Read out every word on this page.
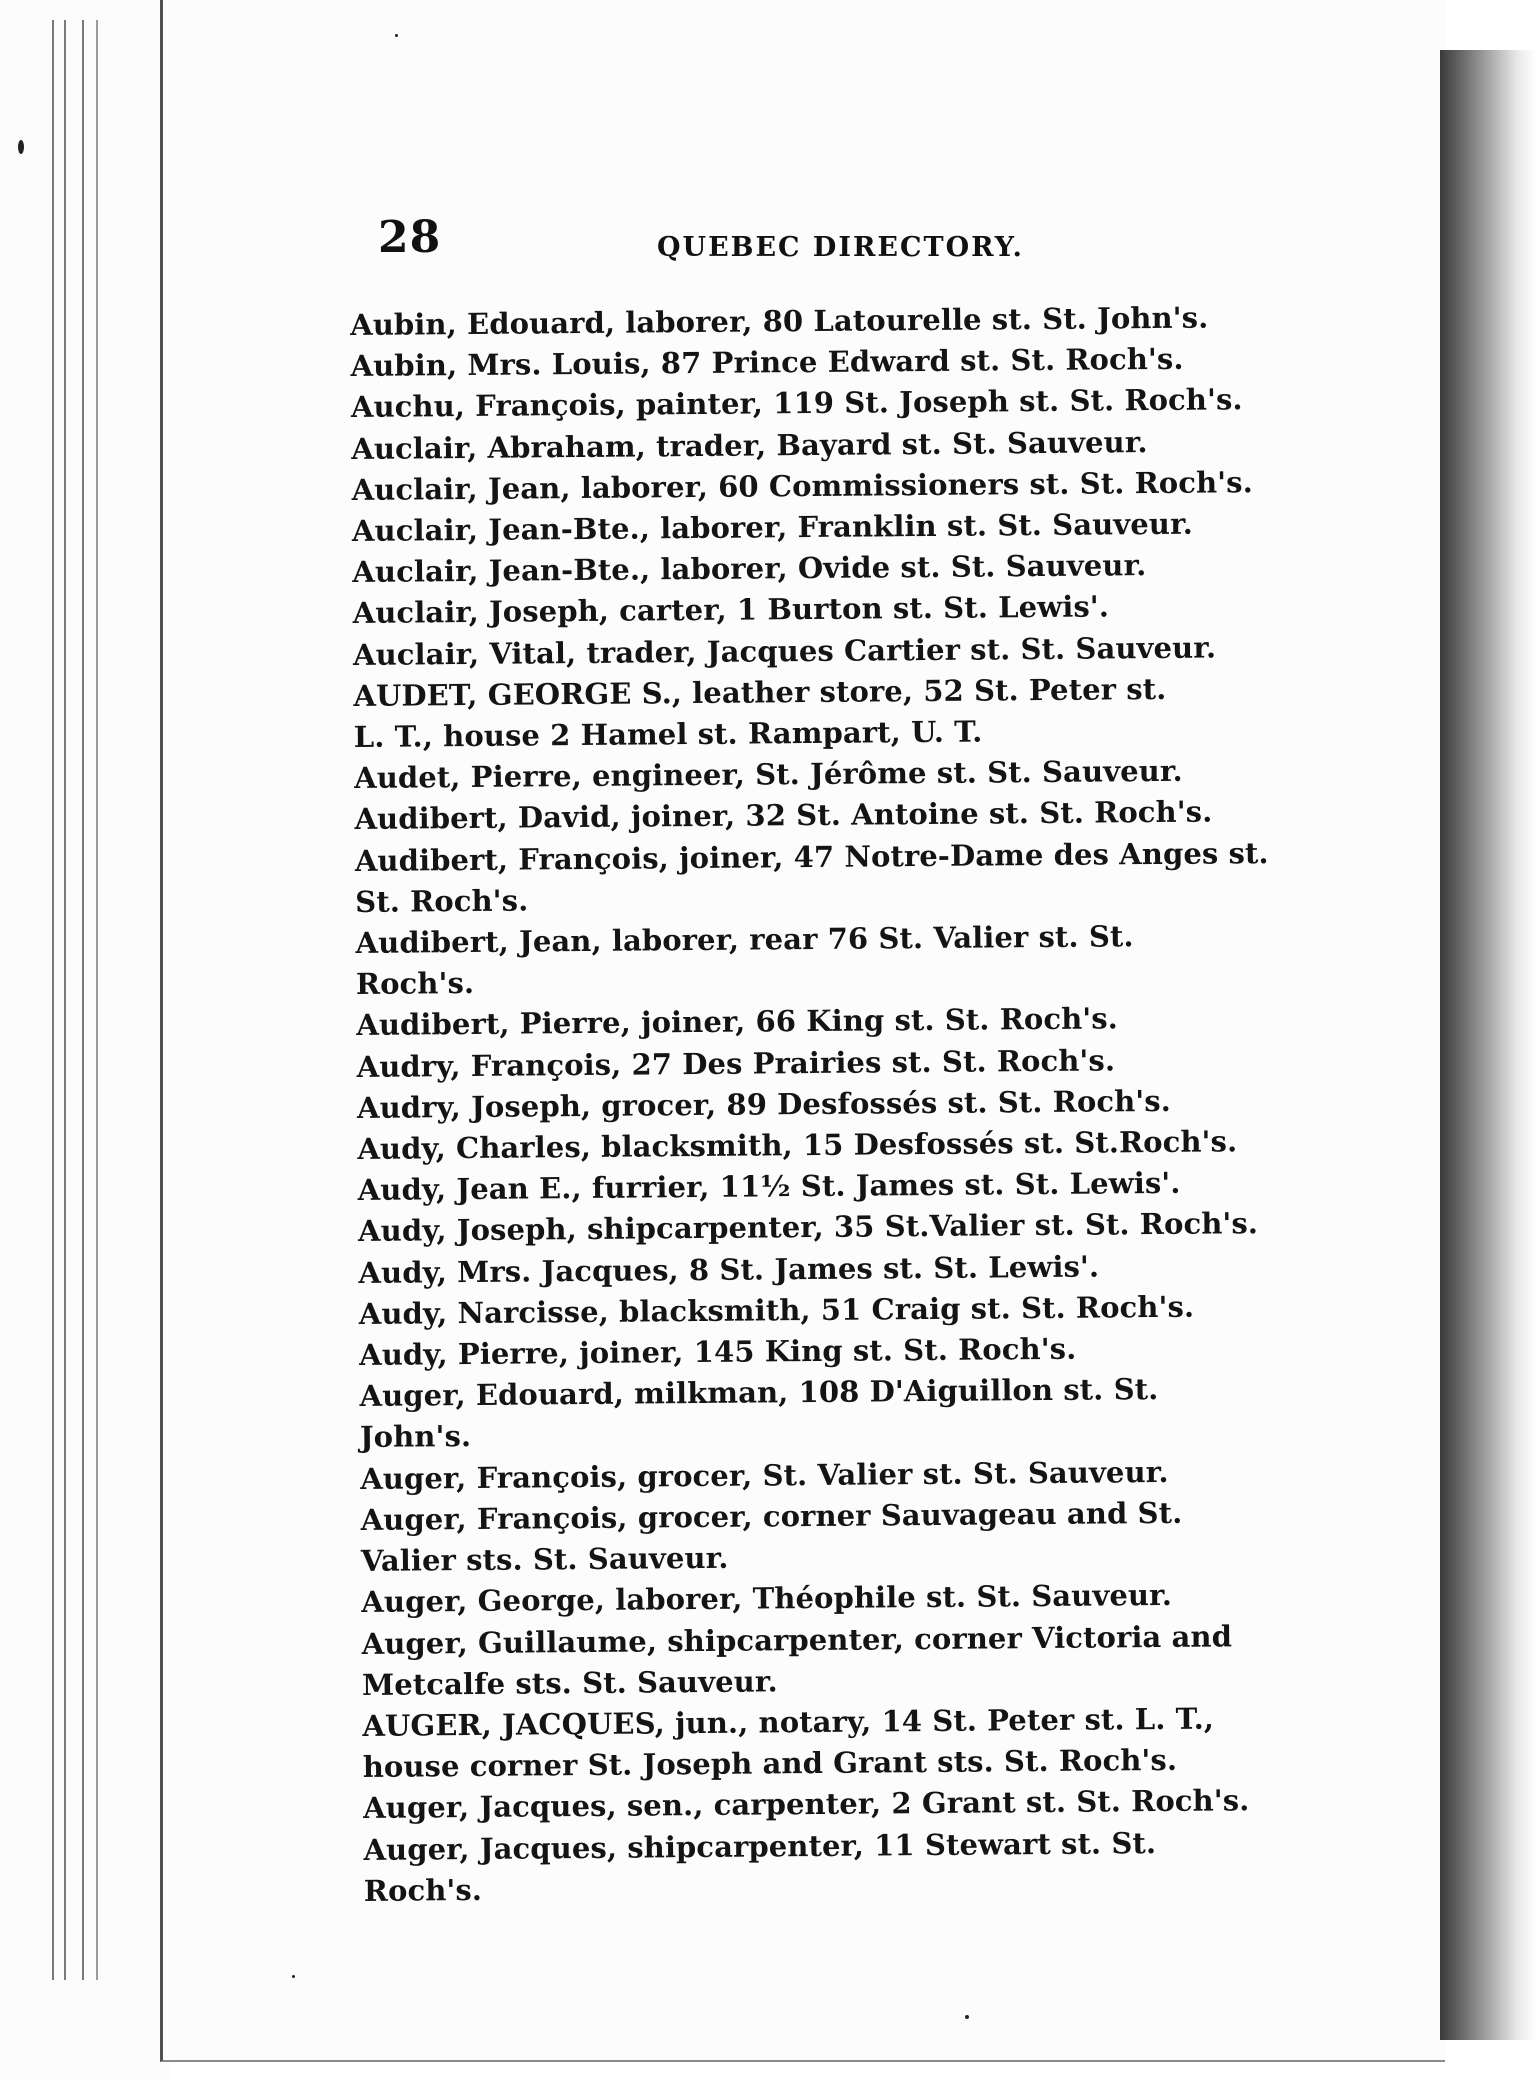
28	QUEBEC DIRECTORY.
Aubin, Edouard, laborer, 80 Latourelle st. St. John's.
Aubin, Mrs. Louis, 87 Prince Edward st. St. Roch's.
Auchu, François, painter, 119 St. Joseph st. St. Roch's.
Auclair, Abraham, trader, Bayard st. St. Sauveur.
Auclair, Jean, laborer, 60 Commissioners st. St. Roch's.
Auclair, Jean-Bte., laborer, Franklin st. St. Sauveur.
Auclair, Jean-Bte., laborer, Ovide st. St. Sauveur.
Auclair, Joseph, carter, 1 Burton st. St. Lewis'.
Auclair, Vital, trader, Jacques Cartier st. St. Sauveur.
AUDET, GEORGE S., leather store, 52 St. Peter st.
L. T., house 2 Hamel st. Rampart, U. T.
Audet, Pierre, engineer, St. Jérôme st. St. Sauveur.
Audibert, David, joiner, 32 St. Antoine st. St. Roch's.
Audibert, François, joiner, 47 Notre-Dame des Anges st.
St. Roch's.
Audibert, Jean, laborer, rear 76 St. Valier st. St.
Roch's.
Audibert, Pierre, joiner, 66 King st. St. Roch's.
Audry, François, 27 Des Prairies st. St. Roch's.
Audry, Joseph, grocer, 89 Desfossés st. St. Roch's.
Audy, Charles, blacksmith, 15 Desfossés st. St.Roch's.
Audy, Jean E., furrier, 11½ St. James st. St. Lewis'.
Audy, Joseph, shipcarpenter, 35 St.Valier st. St. Roch's.
Audy, Mrs. Jacques, 8 St. James st. St. Lewis'.
Audy, Narcisse, blacksmith, 51 Craig st. St. Roch's.
Audy, Pierre, joiner, 145 King st. St. Roch's.
Auger, Edouard, milkman, 108 D'Aiguillon st. St.
John's.
Auger, François, grocer, St. Valier st. St. Sauveur.
Auger, François, grocer, corner Sauvageau and St.
Valier sts. St. Sauveur.
Auger, George, laborer, Théophile st. St. Sauveur.
Auger, Guillaume, shipcarpenter, corner Victoria and
Metcalfe sts. St. Sauveur.
AUGER, JACQUES, jun., notary, 14 St. Peter st. L. T.,
house corner St. Joseph and Grant sts. St. Roch's.
Auger, Jacques, sen., carpenter, 2 Grant st. St. Roch's.
Auger, Jacques, shipcarpenter, 11 Stewart st. St.
Roch's.
